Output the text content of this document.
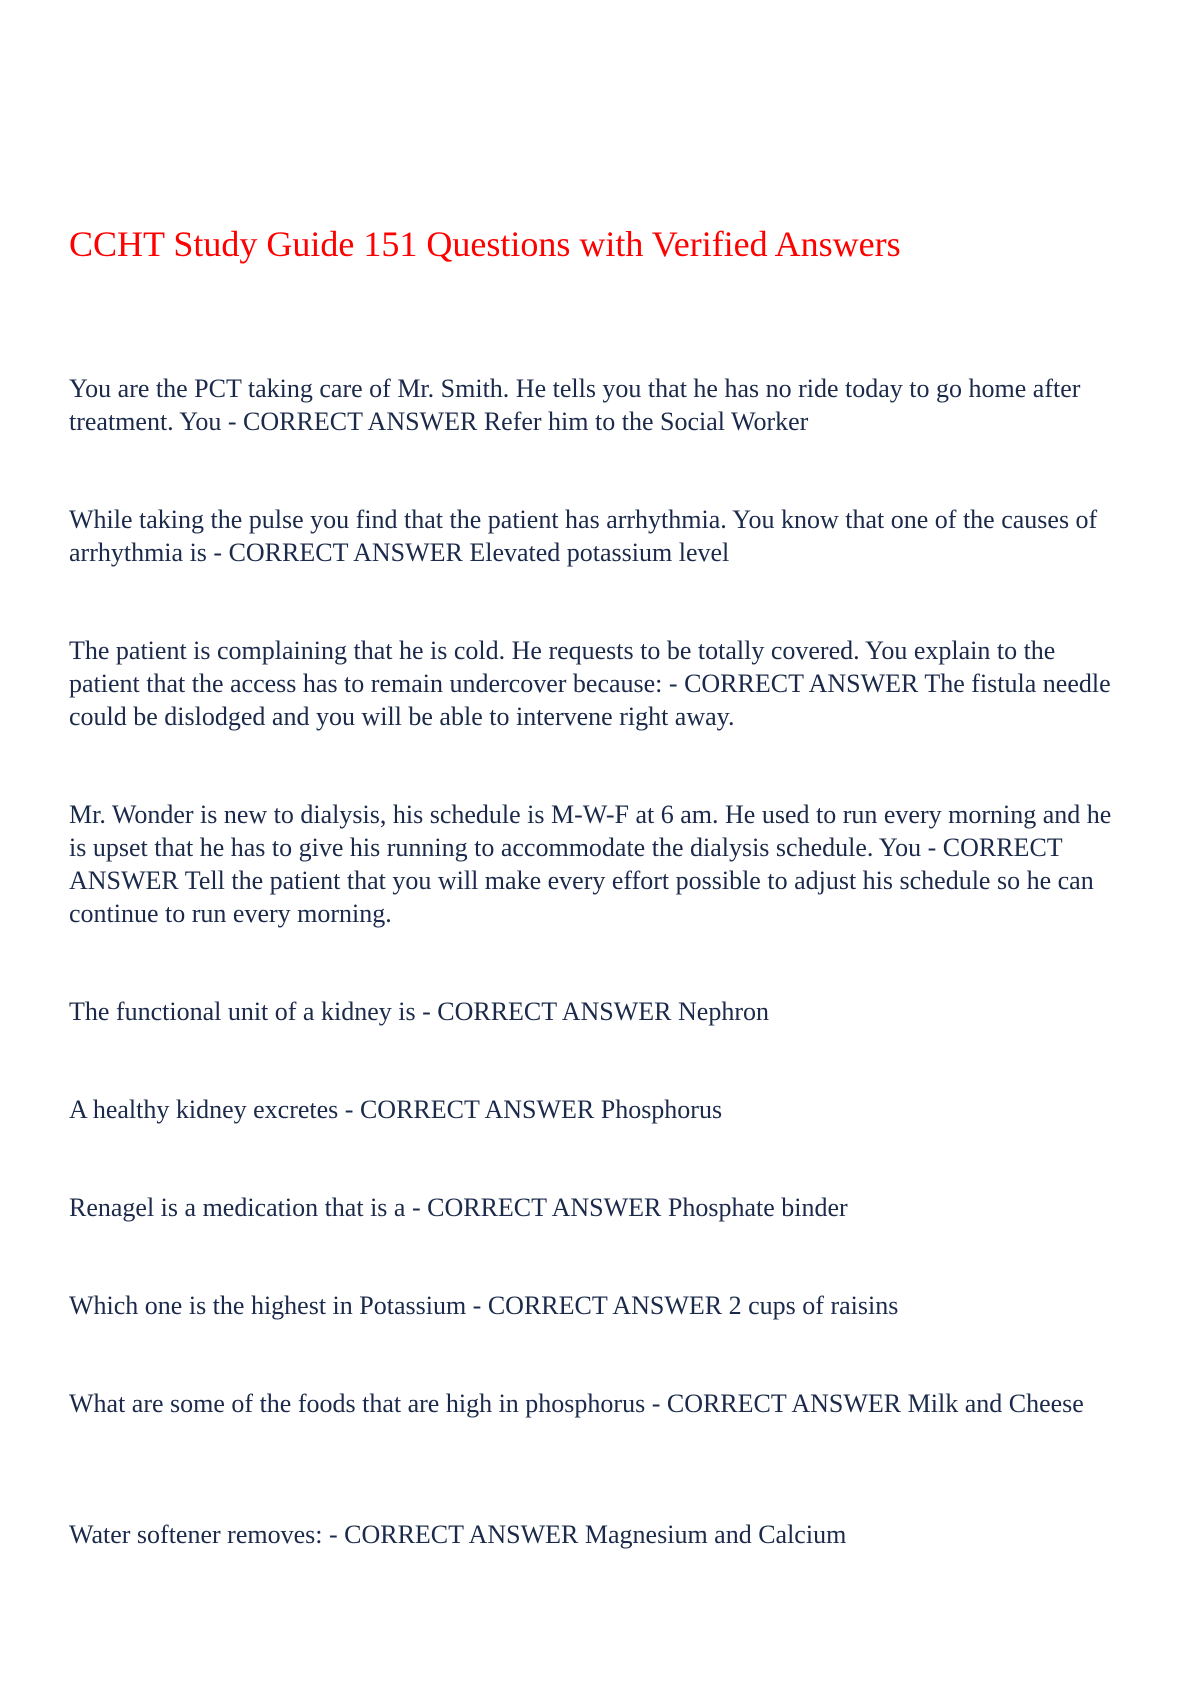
CCHT Study Guide 151 Questions with Verified Answers

You are the PCT taking care of Mr. Smith. He tells you that he has no ride today to go home after treatment. You - CORRECT ANSWER Refer him to the Social Worker

While taking the pulse you find that the patient has arrhythmia. You know that one of the causes of arrhythmia is - CORRECT ANSWER Elevated potassium level

The patient is complaining that he is cold. He requests to be totally covered. You explain to the patient that the access has to remain undercover because: - CORRECT ANSWER The fistula needle could be dislodged and you will be able to intervene right away.

Mr. Wonder is new to dialysis, his schedule is M-W-F at 6 am. He used to run every morning and he is upset that he has to give his running to accommodate the dialysis schedule. You - CORRECT ANSWER Tell the patient that you will make every effort possible to adjust his schedule so he can continue to run every morning.

The functional unit of a kidney is - CORRECT ANSWER Nephron

A healthy kidney excretes - CORRECT ANSWER Phosphorus

Renagel is a medication that is a - CORRECT ANSWER Phosphate binder

Which one is the highest in Potassium - CORRECT ANSWER 2 cups of raisins

What are some of the foods that are high in phosphorus - CORRECT ANSWER Milk and Cheese

Water softener removes: - CORRECT ANSWER Magnesium and Calcium
